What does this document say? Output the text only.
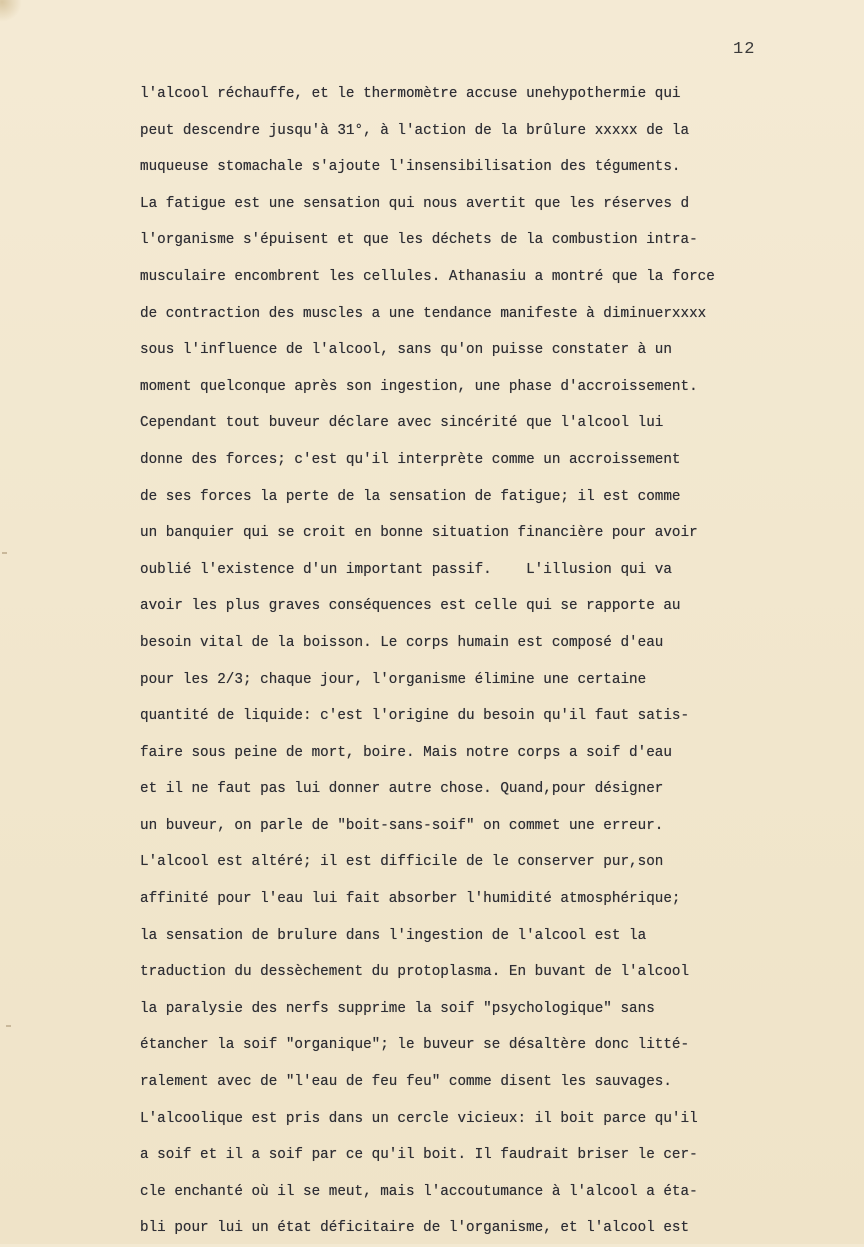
12
l'alcool réchauffe, et le thermomètre accuse unehypothermie qui
peut descendre jusqu'à 31°, à l'action de la brûlure xxxxx de la
muqueuse stomachale s'ajoute l'insensibilisation des téguments.
La fatigue est une sensation qui nous avertit que les réserves d
l'organisme s'épuisent et que les déchets de la combustion intra-
musculaire encombrent les cellules. Athanasiu a montré que la force
de contraction des muscles a une tendance manifeste à diminuerxxxx
sous l'influence de l'alcool, sans qu'on puisse constater à un
moment quelconque après son ingestion, une phase d'accroissement.
Cependant tout buveur déclare avec sincérité que l'alcool lui
donne des forces; c'est qu'il interprète comme un accroissement
de ses forces la perte de la sensation de fatigue; il est comme
un banquier qui se croit en bonne situation financière pour avoir
oublié l'existence d'un important passif.    L'illusion qui va
avoir les plus graves conséquences est celle qui se rapporte au
besoin vital de la boisson. Le corps humain est composé d'eau
pour les 2/3; chaque jour, l'organisme élimine une certaine
quantité de liquide: c'est l'origine du besoin qu'il faut satis-
faire sous peine de mort, boire. Mais notre corps a soif d'eau
et il ne faut pas lui donner autre chose. Quand,pour désigner
un buveur, on parle de "boit-sans-soif" on commet une erreur.
L'alcool est altéré; il est difficile de le conserver pur,son
affinité pour l'eau lui fait absorber l'humidité atmosphérique;
la sensation de brulure dans l'ingestion de l'alcool est la
traduction du dessèchement du protoplasma. En buvant de l'alcool
la paralysie des nerfs supprime la soif "psychologique" sans
étancher la soif "organique"; le buveur se désaltère donc litté-
ralement avec de "l'eau de feu feu" comme disent les sauvages.
L'alcoolique est pris dans un cercle vicieux: il boit parce qu'il
a soif et il a soif par ce qu'il boit. Il faudrait briser le cer-
cle enchanté où il se meut, mais l'accoutumance à l'alcool a éta-
bli pour lui un état déficitaire de l'organisme, et l'alcool est
